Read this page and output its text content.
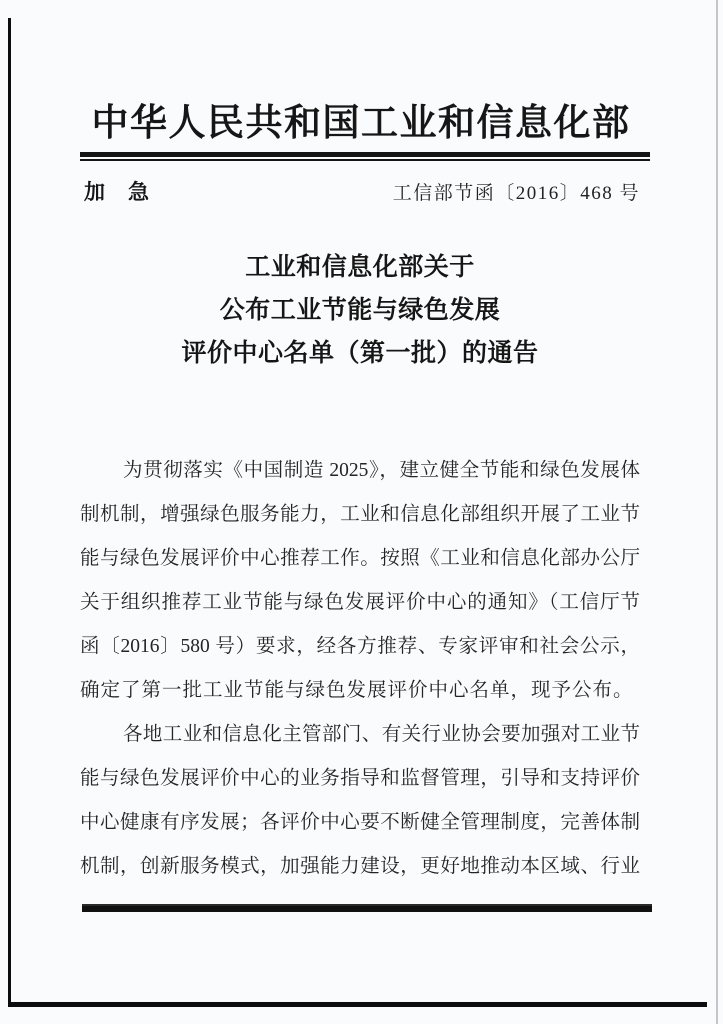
中华人民共和国工业和信息化部
加　急	工信部节函〔2016〕468 号
工业和信息化部关于
公布工业节能与绿色发展
评价中心名单（第一批）的通告
为贯彻落实《中国制造 2025》，建立健全节能和绿色发展体
制机制，增强绿色服务能力，工业和信息化部组织开展了工业节
能与绿色发展评价中心推荐工作。按照《工业和信息化部办公厅
关于组织推荐工业节能与绿色发展评价中心的通知》（工信厅节
函〔2016〕580 号）要求，经各方推荐、专家评审和社会公示，
确定了第一批工业节能与绿色发展评价中心名单，现予公布。
各地工业和信息化主管部门、有关行业协会要加强对工业节
能与绿色发展评价中心的业务指导和监督管理，引导和支持评价
中心健康有序发展；各评价中心要不断健全管理制度，完善体制
机制，创新服务模式，加强能力建设，更好地推动本区域、行业
